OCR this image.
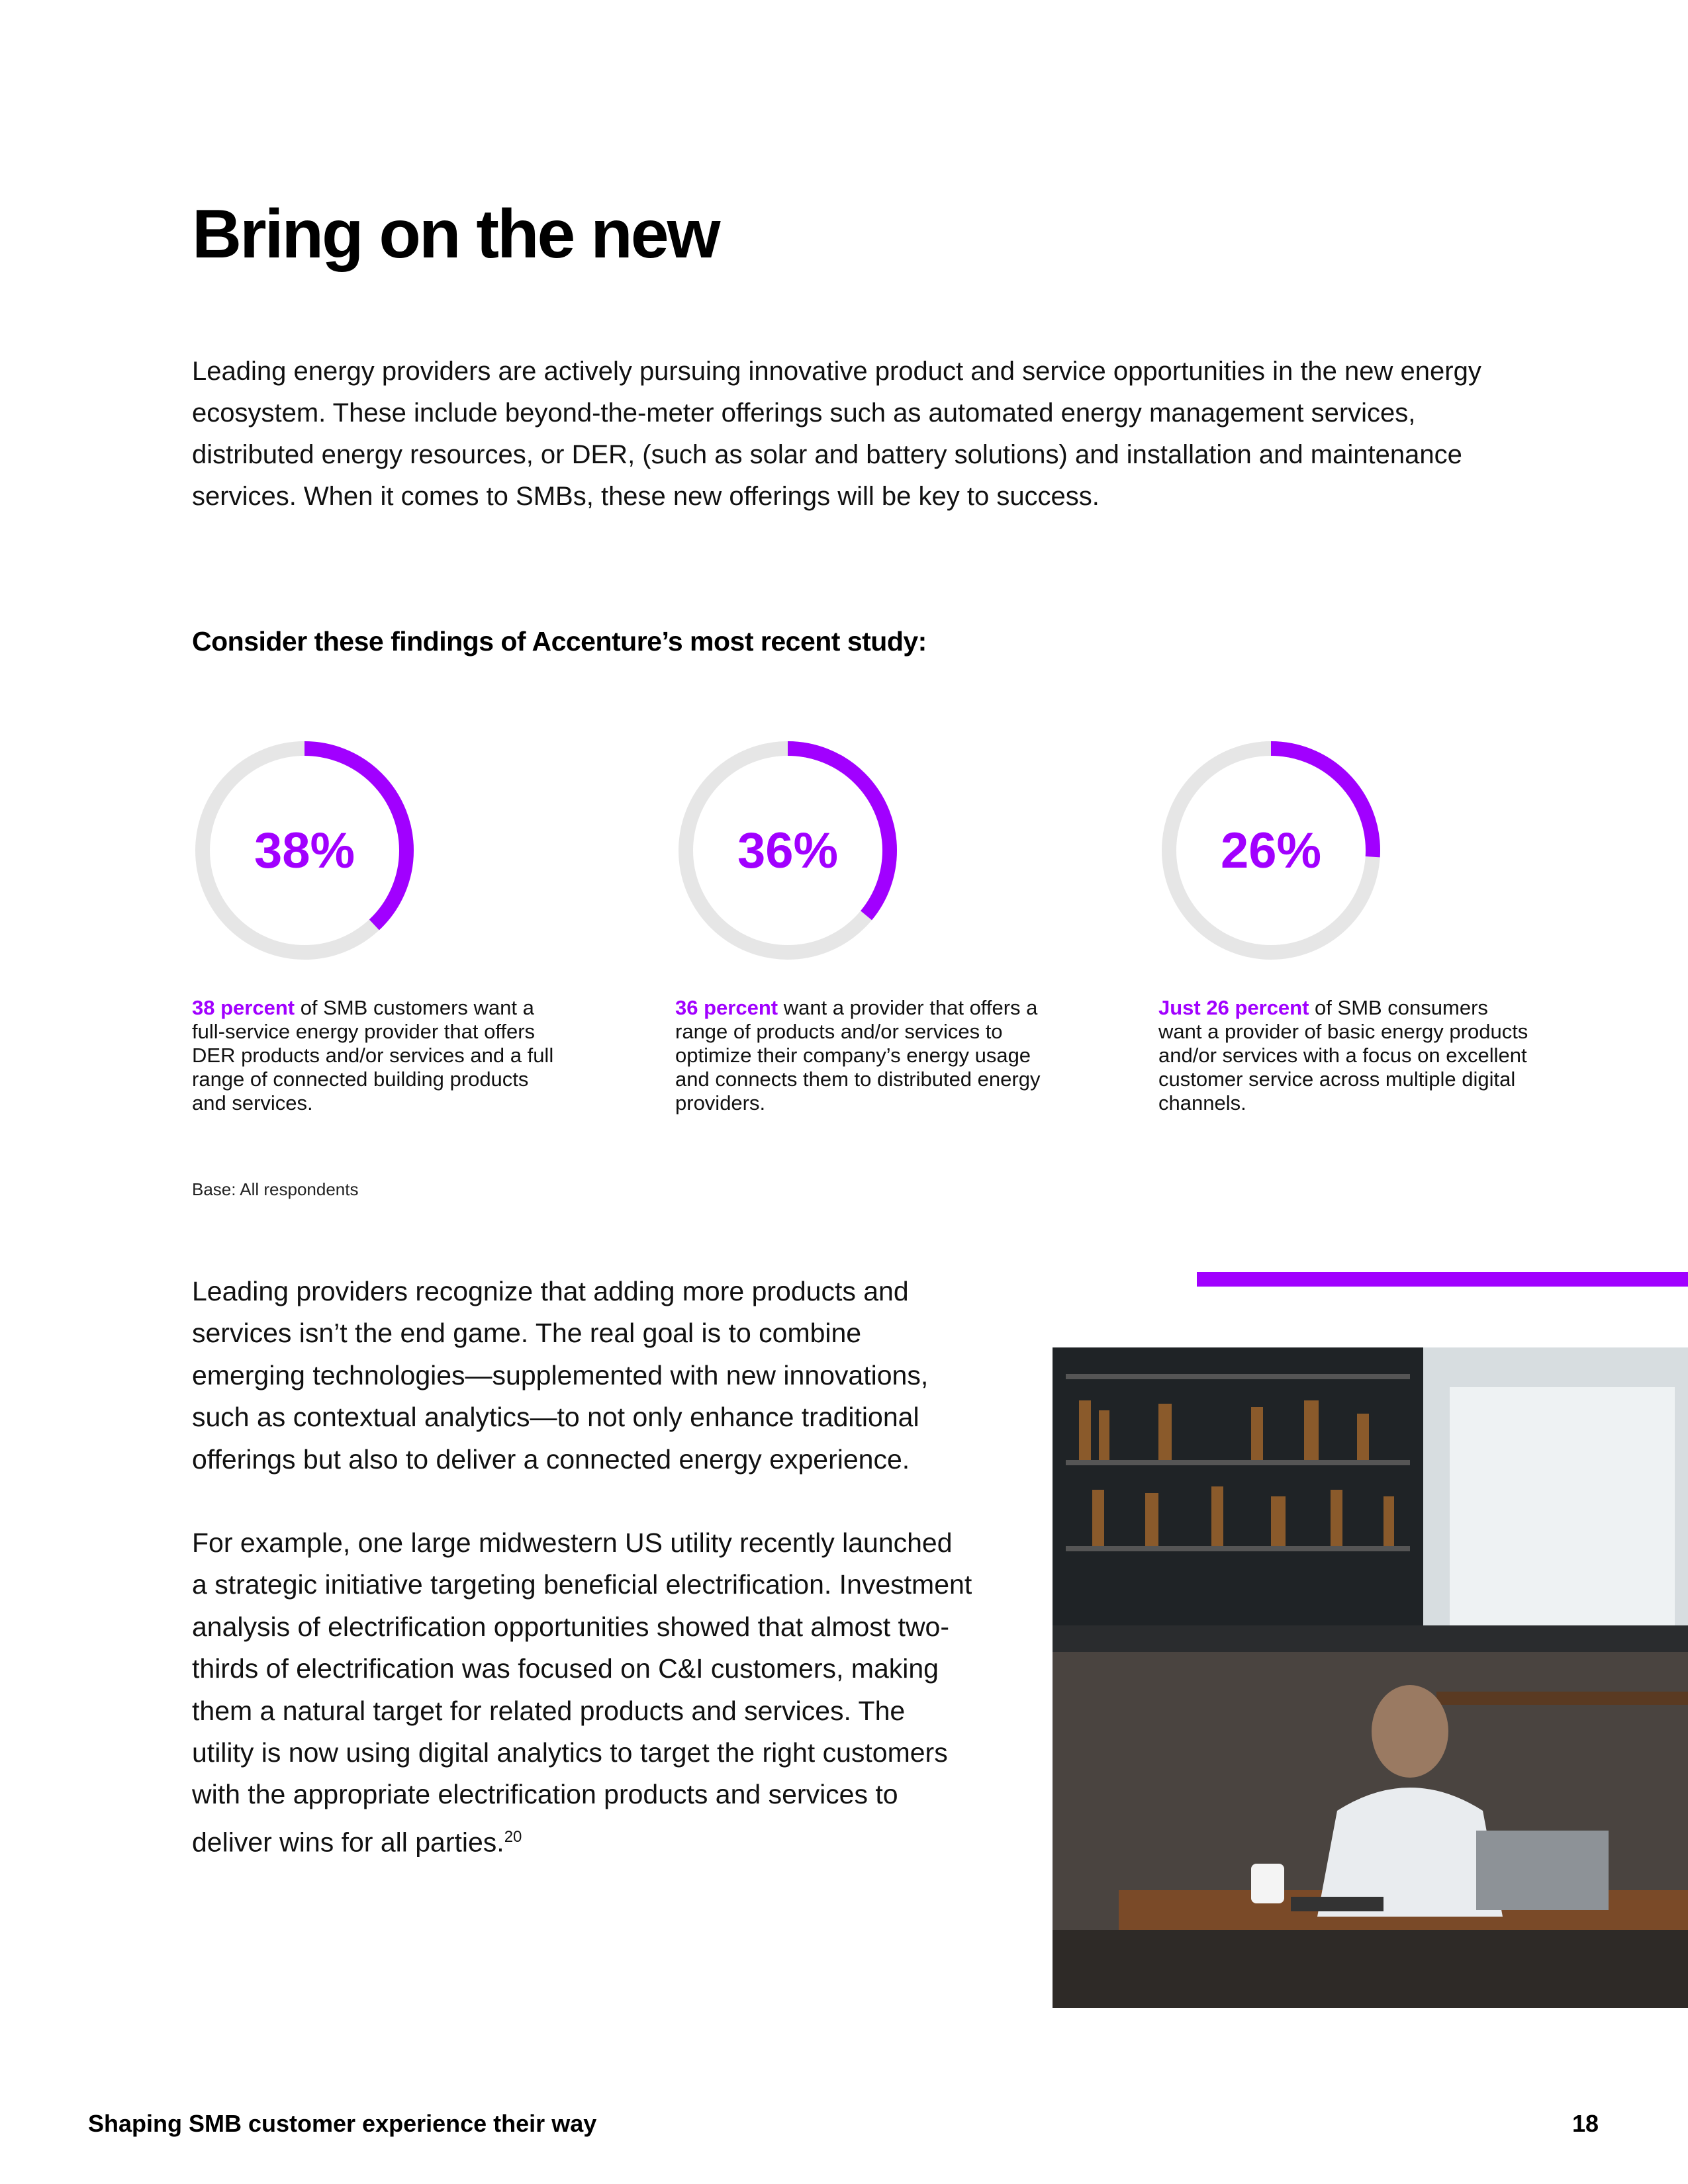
Bring on the new

Leading energy providers are actively pursuing innovative product and service opportunities in the new energy ecosystem. These include beyond-the-meter offerings such as automated energy management services, distributed energy resources, or DER, (such as solar and battery solutions) and installation and maintenance services. When it comes to SMBs, these new offerings will be key to success.

Consider these findings of Accenture’s most recent study:

38%

38 percent of SMB customers want a full-service energy provider that offers DER products and/or services and a full range of connected building products and services.

36%

36 percent want a provider that offers a range of products and/or services to optimize their company’s energy usage and connects them to distributed energy providers.

26%

Just 26 percent of SMB consumers want a provider of basic energy products and/or services with a focus on excellent customer service across multiple digital channels.

Base: All respondents

Leading providers recognize that adding more products and services isn’t the end game. The real goal is to combine emerging technologies—supplemented with new innovations, such as contextual analytics—to not only enhance traditional offerings but also to deliver a connected energy experience.

For example, one large midwestern US utility recently launched a strategic initiative targeting beneficial electrification. Investment analysis of electrification opportunities showed that almost two-thirds of electrification was focused on C&I customers, making them a natural target for related products and services. The utility is now using digital analytics to target the right customers with the appropriate electrification products and services to deliver wins for all parties.$^{20}$

Shaping SMB customer experience their way	18
